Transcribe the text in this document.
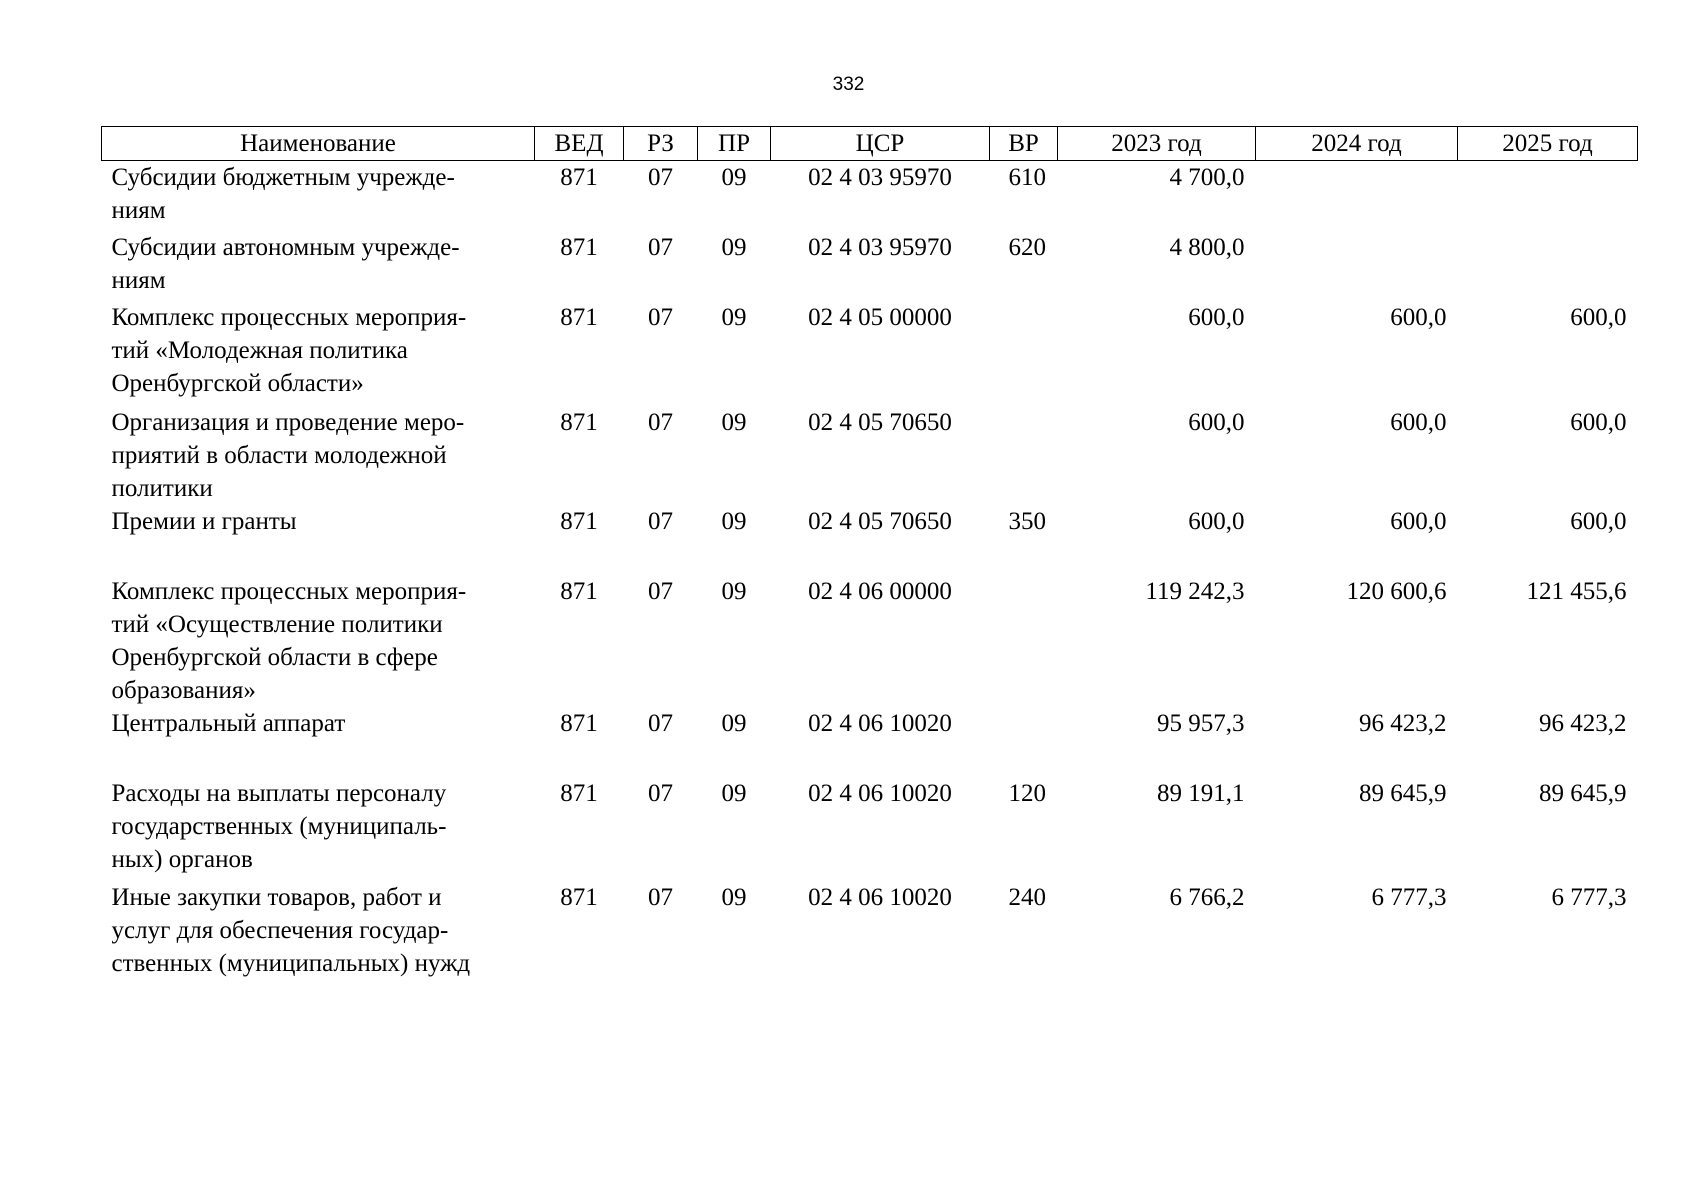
332
Наименование	ВЕД	РЗ	ПР	ЦСР	ВР	2023 год	2024 год	2025 год
Субсидии бюджетным учрежде-
ниям	871	07	09	02 4 03 95970	610	4 700,0		
Субсидии автономным учрежде-
ниям	871	07	09	02 4 03 95970	620	4 800,0		
Комплекс процессных мероприя-
тий «Молодежная политика
Оренбургской области»	871	07	09	02 4 05 00000		600,0	600,0	600,0
Организация и проведение меро-
приятий в области молодежной
политики	871	07	09	02 4 05 70650		600,0	600,0	600,0
Премии и гранты	871	07	09	02 4 05 70650	350	600,0	600,0	600,0
Комплекс процессных мероприя-
тий «Осуществление политики
Оренбургской области в сфере
образования»	871	07	09	02 4 06 00000		119 242,3	120 600,6	121 455,6
Центральный аппарат	871	07	09	02 4 06 10020		95 957,3	96 423,2	96 423,2
Расходы на выплаты персоналу
государственных (муниципаль-
ных) органов	871	07	09	02 4 06 10020	120	89 191,1	89 645,9	89 645,9
Иные закупки товаров, работ и
услуг для обеспечения государ-
ственных (муниципальных) нужд	871	07	09	02 4 06 10020	240	6 766,2	6 777,3	6 777,3
